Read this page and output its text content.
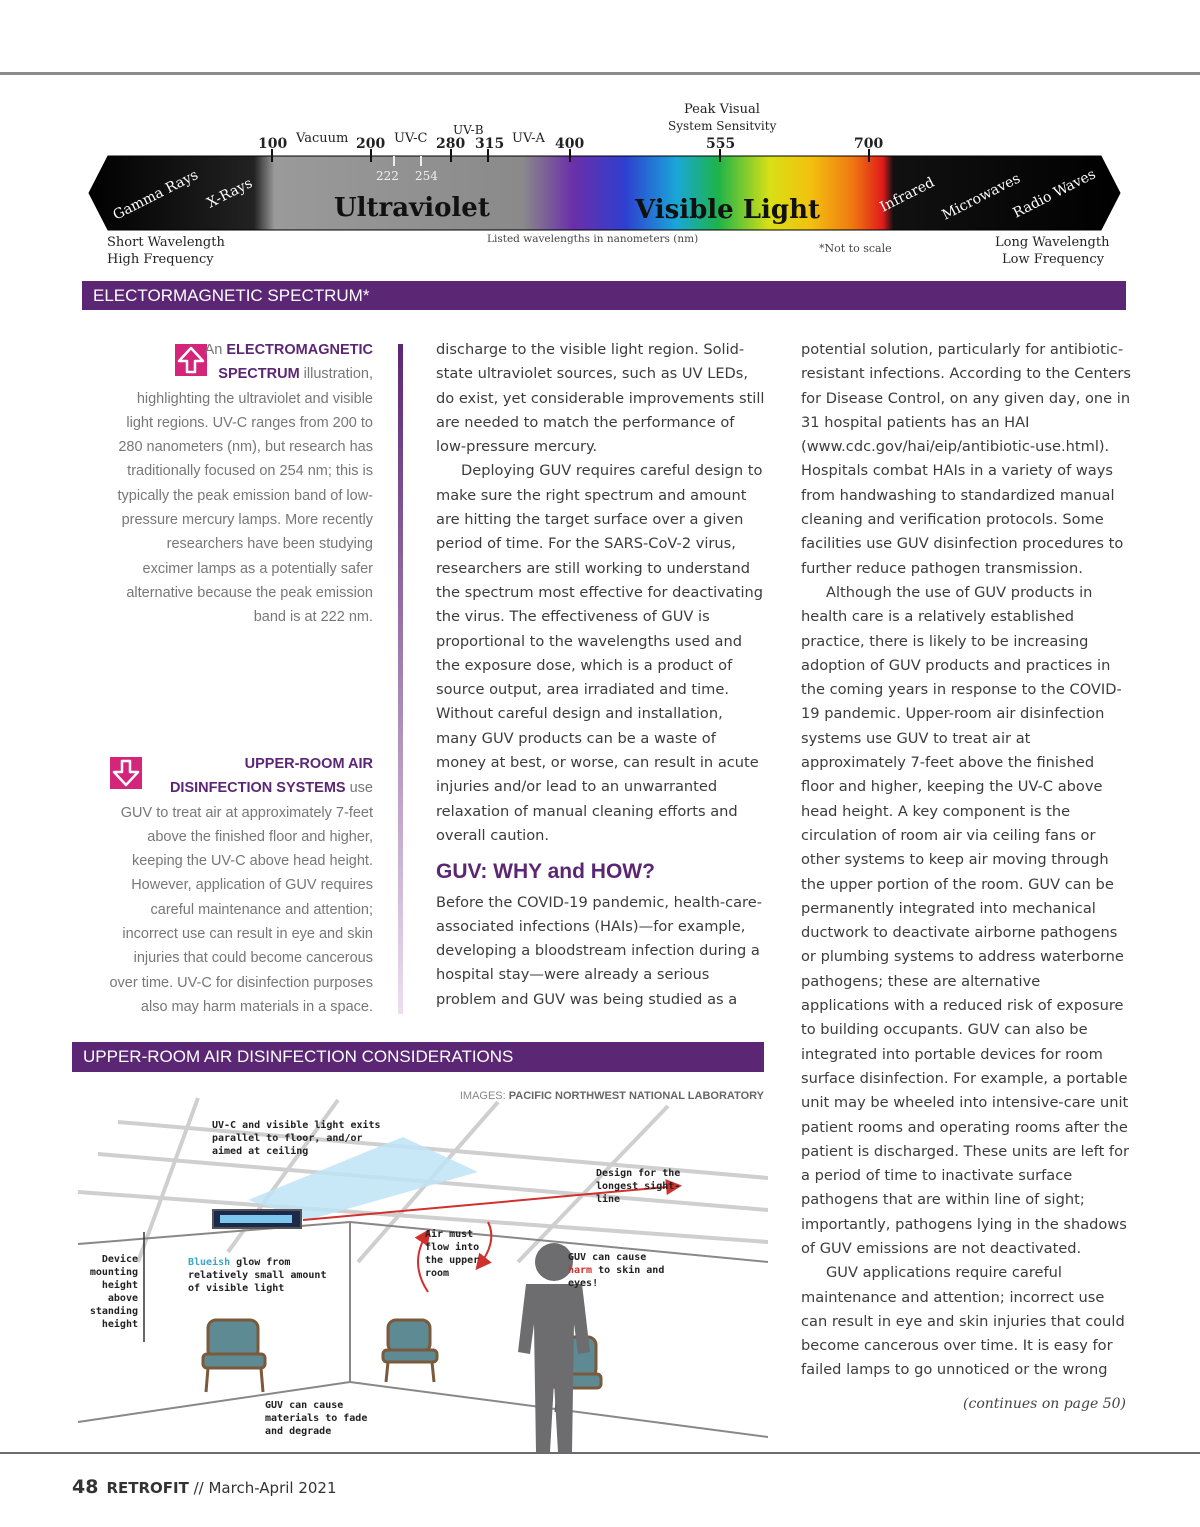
100	200	280 315	400	555	700
222 254
Vacuum	UV-C
UV-B
UV-A
Peak Visual
System Sensitvity
Gamma Rays X-Rays	Ultraviolet	Visible Light	Infrared Microwaves
Radio Waves
Short Wavelength
High Frequency
Listed wavelengths in nanometers (nm)
*Not to scale	Long Wavelength
Low Frequency
ELECTORMAGNETIC SPECTRUM*
An ELECTROMAGNETIC SPECTRUM illustration, highlighting the ultraviolet and visible light regions. UV-C ranges from 200 to 280 nanometers (nm), but research has traditionally focused on 254 nm; this is typically the peak emission band of low-pressure mercury lamps. More recently researchers have been studying excimer lamps as a potentially safer alternative because the peak emission band is at 222 nm.
UPPER-ROOM AIR DISINFECTION SYSTEMS use GUV to treat air at approximately 7-feet above the finished floor and higher, keeping the UV-C above head height. However, application of GUV requires careful maintenance and attention; incorrect use can result in eye and skin injuries that could become cancerous over time. UV-C for disinfection purposes also may harm materials in a space.

discharge to the visible light region. Solid-state ultraviolet sources, such as UV LEDs, do exist, yet considerable improvements still are needed to match the performance of low-pressure mercury.

Deploying GUV requires careful design to make sure the right spectrum and amount are hitting the target surface over a given period of time. For the SARS-CoV-2 virus, researchers are still working to understand the spectrum most effective for deactivating the virus. The effectiveness of GUV is proportional to the wavelengths used and the exposure dose, which is a product of source output, area irradiated and time. Without careful design and installation, many GUV products can be a waste of money at best, or worse, can result in acute injuries and/or lead to an unwarranted relaxation of manual cleaning efforts and overall caution.

GUV: WHY and HOW?

Before the COVID-19 pandemic, health-care-associated infections (HAIs)—for example, developing a bloodstream infection during a hospital stay—were already a serious problem and GUV was being studied as a

potential solution, particularly for antibiotic-resistant infections. According to the Centers for Disease Control, on any given day, one in 31 hospital patients has an HAI (www.cdc.gov/hai/eip/antibiotic-use.html). Hospitals combat HAIs in a variety of ways from handwashing to standardized manual cleaning and verification protocols. Some facilities use GUV disinfection procedures to further reduce pathogen transmission.

Although the use of GUV products in health care is a relatively established practice, there is likely to be increasing adoption of GUV products and practices in the coming years in response to the COVID-19 pandemic. Upper-room air disinfection systems use GUV to treat air at approximately 7-feet above the finished floor and higher, keeping the UV-C above head height. A key component is the circulation of room air via ceiling fans or other systems to keep air moving through the upper portion of the room. GUV can be permanently integrated into mechanical ductwork to deactivate airborne pathogens or plumbing systems to address waterborne pathogens; these are alternative applications with a reduced risk of exposure to building occupants. GUV can also be integrated into portable devices for room surface disinfection. For example, a portable unit may be wheeled into intensive-care unit patient rooms and operating rooms after the patient is discharged. These units are left for a period of time to inactivate surface pathogens that are within line of sight; importantly, pathogens lying in the shadows of GUV emissions are not deactivated.

GUV applications require careful maintenance and attention; incorrect use can result in eye and skin injuries that could become cancerous over time. It is easy for failed lamps to go unnoticed or the wrong

(continues on page 50)
UPPER-ROOM AIR DISINFECTION CONSIDERATIONS
IMAGES: PACIFIC NORTHWEST NATIONAL LABORATORY
UV-C and visible light exits
parallel to floor, and/or
aimed at ceiling
Design for the
longest sight-
line
Air must
flow into
the upper
room
Blueish glow from
relatively small amount
of visible light
Device
mounting
height
above
standing
height
GUV can cause
harm to skin and
eyes!
GUV can cause
materials to fade
and degrade
48 RETROFIT // March-April 2021
